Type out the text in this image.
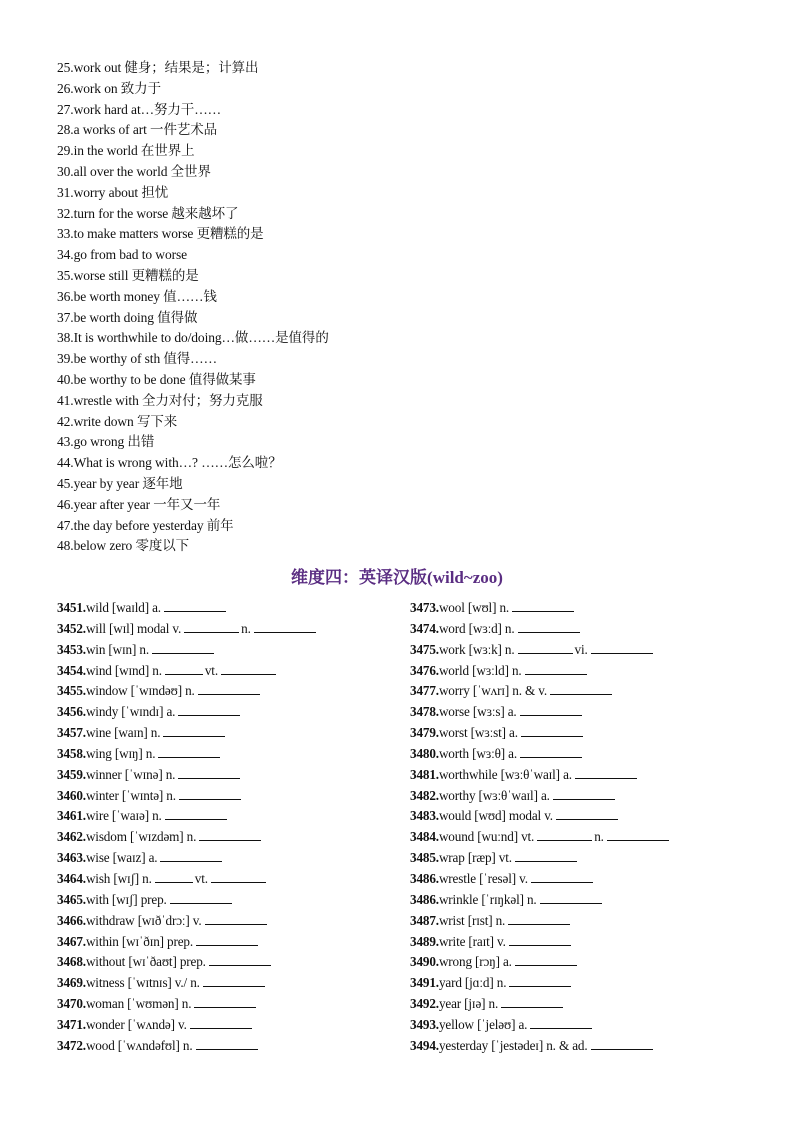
25.work out 健身；结果是；计算出
26.work on 致力于
27.work hard at…努力干……
28.a works of art 一件艺术品
29.in the world 在世界上
30.all over the world 全世界
31.worry about 担忧
32.turn for the worse 越来越坏了
33.to make matters worse 更糟糕的是
34.go from bad to worse
35.worse still 更糟糕的是
36.be worth money 值……钱
37.be worth doing 值得做
38.It is worthwhile to do/doing…做……是值得的
39.be worthy of sth 值得……
40.be worthy to be done 值得做某事
41.wrestle with 全力对付；努力克服
42.write down 写下来
43.go wrong 出错
44.What is wrong with…? ……怎么啦？
45.year by year 逐年地
46.year after year 一年又一年
47.the day before yesterday 前年
48.below zero 零度以下
维度四：英译汉版(wild~zoo)
3451.wild [waɪld] a.
3452.will [wɪl] modal v.	n.
3453.win [wɪn] n.
3454.wind [wɪnd] n.	vt.
3455.window [ˈwɪndəʊ] n.
3456.windy [ˈwɪndɪ] a.
3457.wine [waɪn] n.
3458.wing [wɪŋ] n.
3459.winner [ˈwɪnə] n.
3460.winter [ˈwɪntə] n.
3461.wire [ˈwaɪə] n.
3462.wisdom [ˈwɪzdəm] n.
3463.wise [waɪz] a.
3464.wish [wɪʃ] n.	vt.
3465.with [wɪʃ] prep.
3466.withdraw [wɪðˈdrɔː] v.
3467.within [wɪˈðɪn] prep.
3468.without [wɪˈðaʊt] prep.
3469.witness [ˈwɪtnɪs] v./ n.
3470.woman [ˈwʊmən] n.
3471.wonder [ˈwʌndə] v.
3472.wood [ˈwʌndəfʊl] n.
3473.wool [wʊl] n.
3474.word [wɜːd] n.
3475.work [wɜːk] n.	vi.
3476.world [wɜːld] n.
3477.worry [ˈwʌrɪ] n. & v.
3478.worse [wɜːs] a.
3479.worst [wɜːst] a.
3480.worth [wɜːθ] a.
3481.worthwhile [wɜːθˈwaɪl] a.
3482.worthy [wɜːθˈwaɪl] a.
3483.would [wʊd] modal v.
3484.wound [wuːnd] vt.	n.
3485.wrap [ræp] vt.
3486.wrestle [ˈresəl] v.
3486.wrinkle [ˈrɪŋkəl] n.
3487.wrist [rɪst] n.
3489.write [raɪt] v.
3490.wrong [rɔŋ] a.
3491.yard [jɑːd] n.
3492.year [jɪə] n.
3493.yellow [ˈjeləʊ] a.
3494.yesterday [ˈjestədeɪ] n. & ad.
